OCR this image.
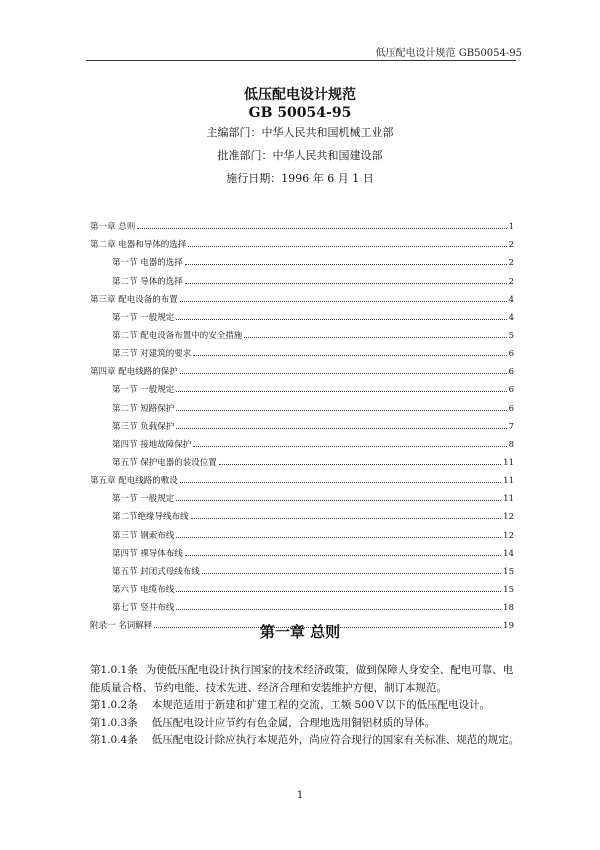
低压配电设计规范 GB50054-95
低压配电设计规范
GB 50054-95
主编部门：中华人民共和国机械工业部
批准部门：中华人民共和国建设部
施行日期：1996 年 6 月 1 日
第一章 总则	1
第二章 电器和导体的选择	2
第一节 电器的选择	2
第二节 导体的选择	2
第三章 配电设备的布置	4
第一节 一般规定	4
第二节 配电设备布置中的安全措施	5
第三节 对建筑的要求	6
第四章 配电线路的保护	6
第一节 一般规定	6
第二节 短路保护	6
第三节 负载保护	7
第四节 接地故障保护	8
第五节 保护电器的装设位置	11
第五章 配电线路的敷设	11
第一节 一般规定	11
第二节绝缘导线布线	12
第三节 钢索布线	12
第四节 裸导体布线	14
第五节 封闭式母线布线	15
第六节 电缆布线	15
第七节 竖井布线	18
附录一 名词解释	19
第一章 总则

第1.0.1条 为使低压配电设计执行国家的技术经济政策，做到保障人身安全、配电可靠、电能质量合格、节约电能、技术先进、经济合理和安装维护方便，制订本规范。

第1.0.2条 本规范适用于新建和扩建工程的交流、工频 500Ｖ以下的低压配电设计。

第1.0.3条 低压配电设计应节约有色金属，合理地选用铜铝材质的导体。

第1.0.4条 低压配电设计除应执行本规范外，尚应符合现行的国家有关标准、规范的规定。

1
